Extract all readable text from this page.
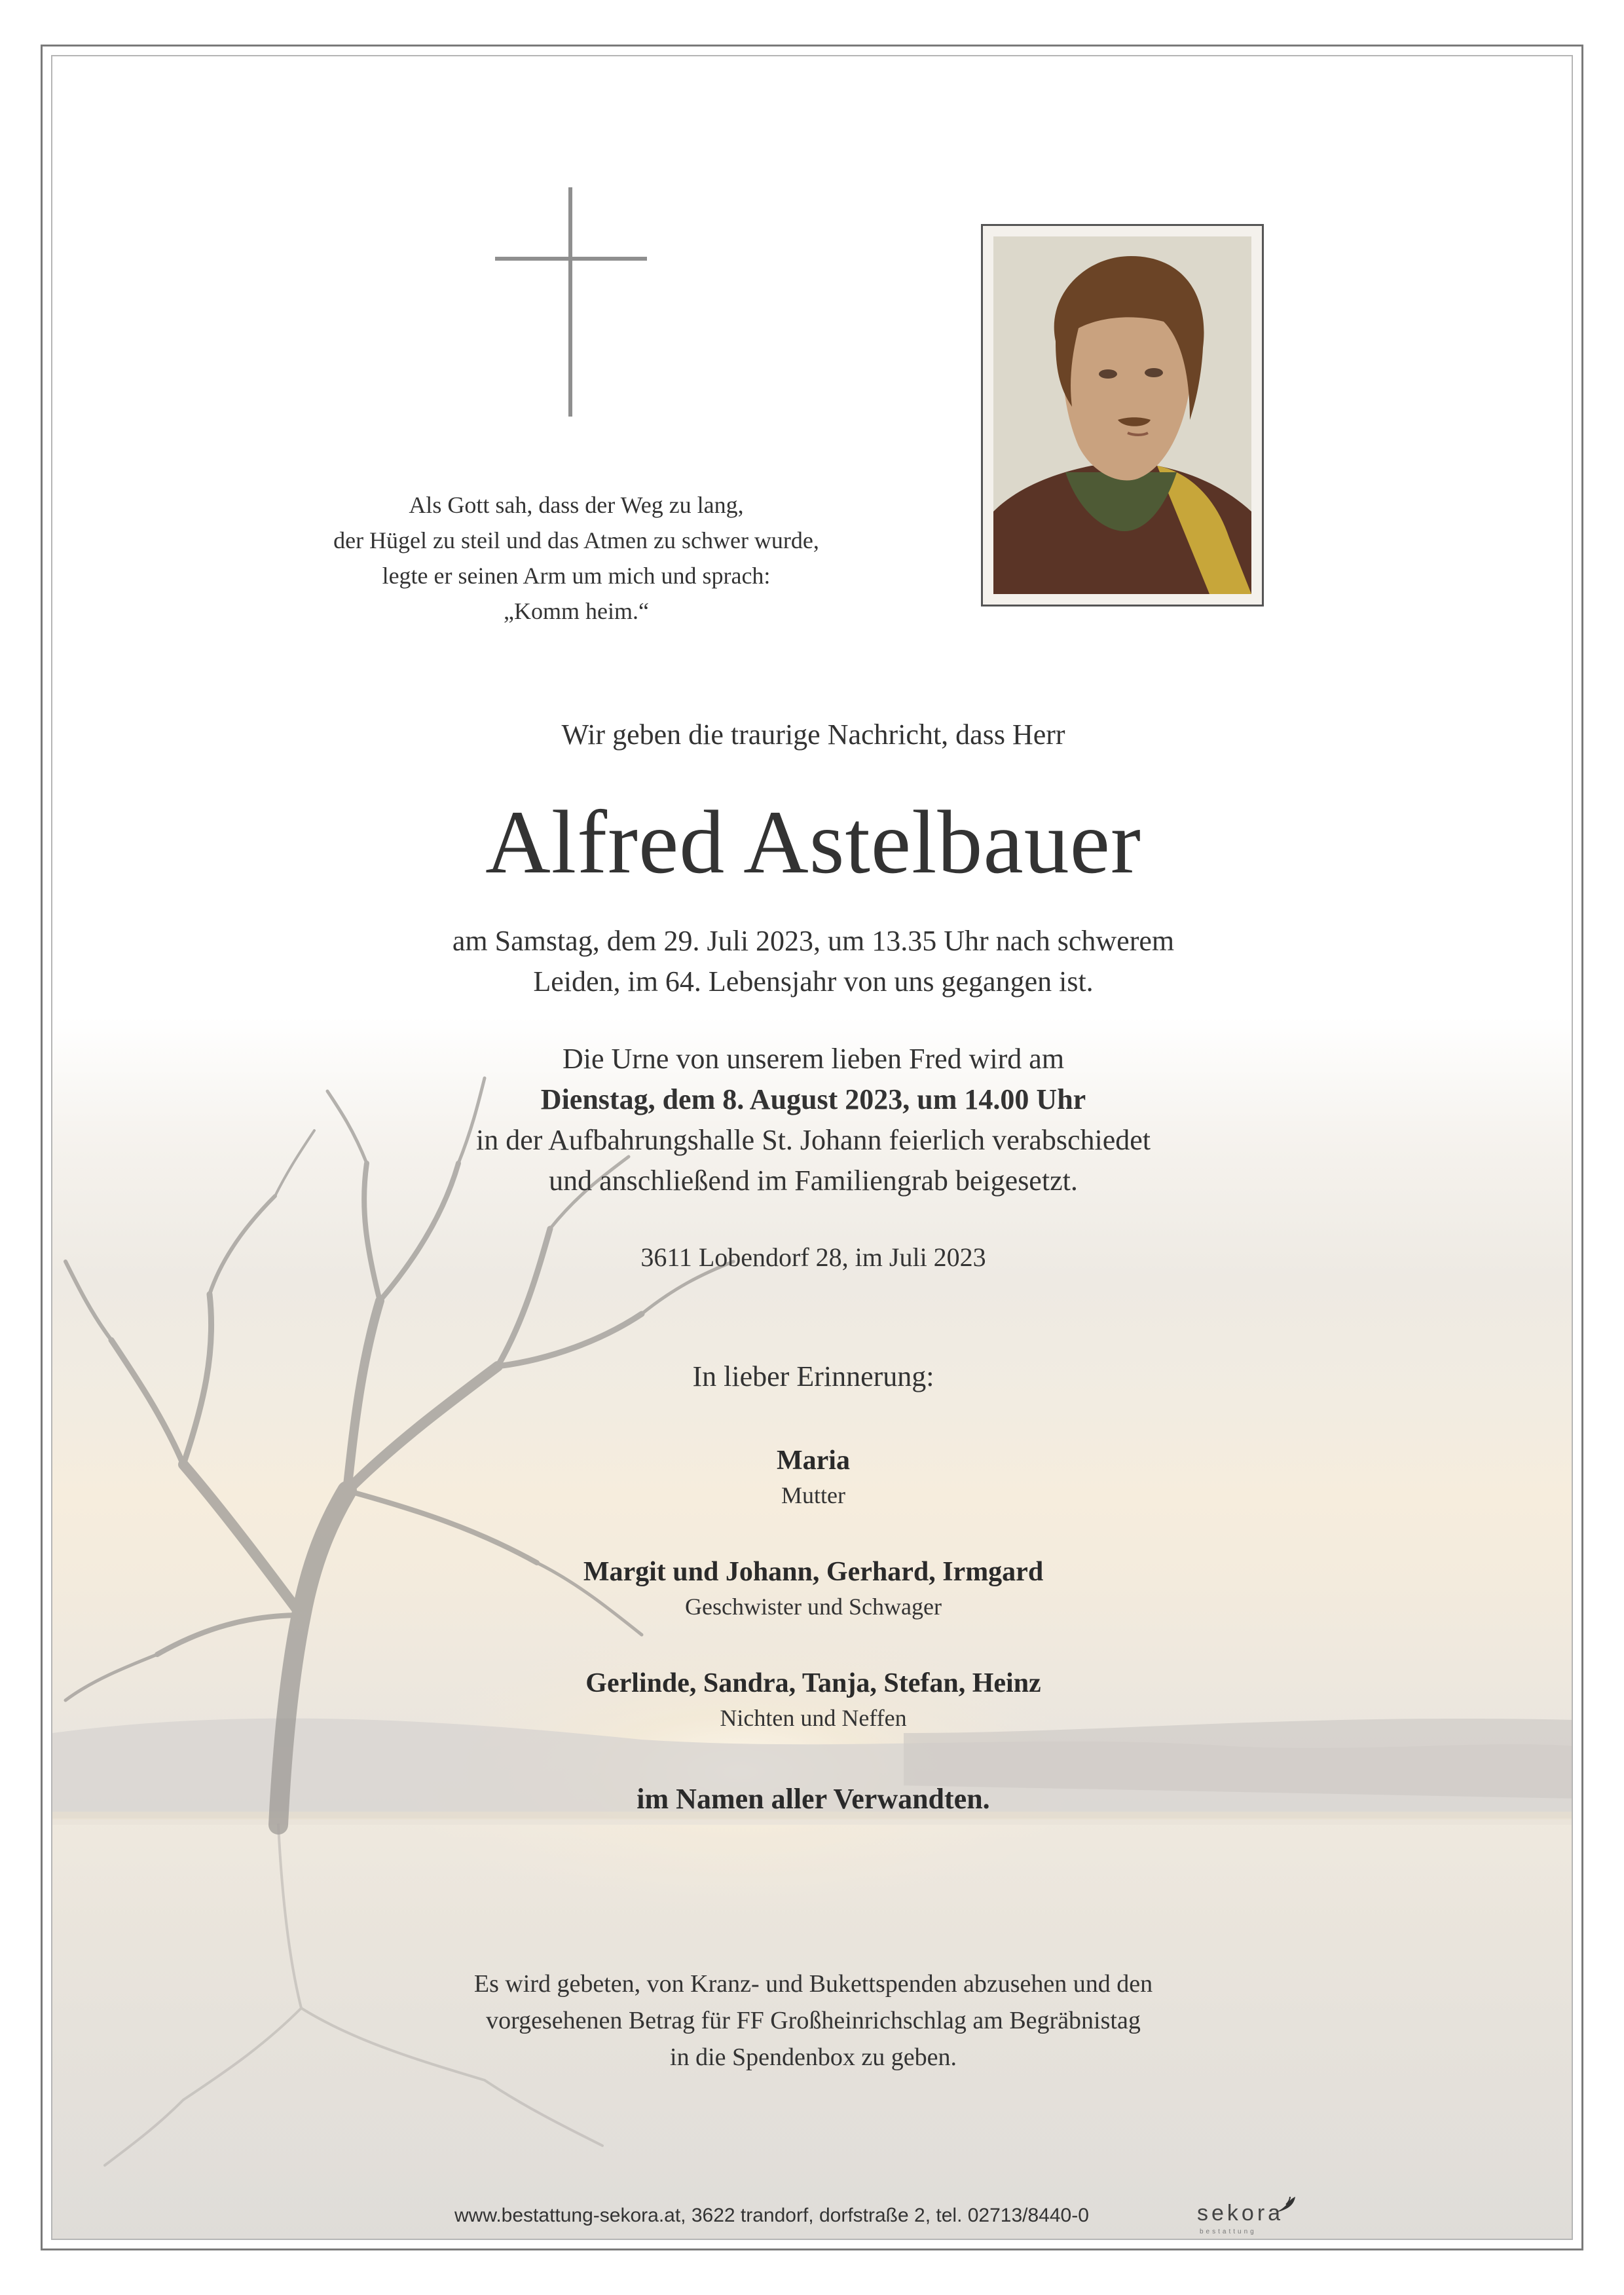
Als Gott sah, dass der Weg zu lang,
der Hügel zu steil und das Atmen zu schwer wurde,
legte er seinen Arm um mich und sprach:
„Komm heim.“
Wir geben die traurige Nachricht, dass Herr
Alfred Astelbauer
am Samstag, dem 29. Juli 2023, um 13.35 Uhr nach schwerem
Leiden, im 64. Lebensjahr von uns gegangen ist.
Die Urne von unserem lieben Fred wird am
Dienstag, dem 8. August 2023, um 14.00 Uhr
in der Aufbahrungshalle St. Johann feierlich verabschiedet
und anschließend im Familiengrab beigesetzt.
3611 Lobendorf 28, im Juli 2023
In lieber Erinnerung:
Maria
Mutter
Margit und Johann, Gerhard, Irmgard
Geschwister und Schwager
Gerlinde, Sandra, Tanja, Stefan, Heinz
Nichten und Neffen
im Namen aller Verwandten.
Es wird gebeten, von Kranz- und Bukettspenden abzusehen und den
vorgesehenen Betrag für FF Großheinrichschlag am Begräbnistag
in die Spendenbox zu geben.
www.bestattung-sekora.at, 3622 trandorf, dorfstraße 2, tel. 02713/8440-0	sekora
bestattung
